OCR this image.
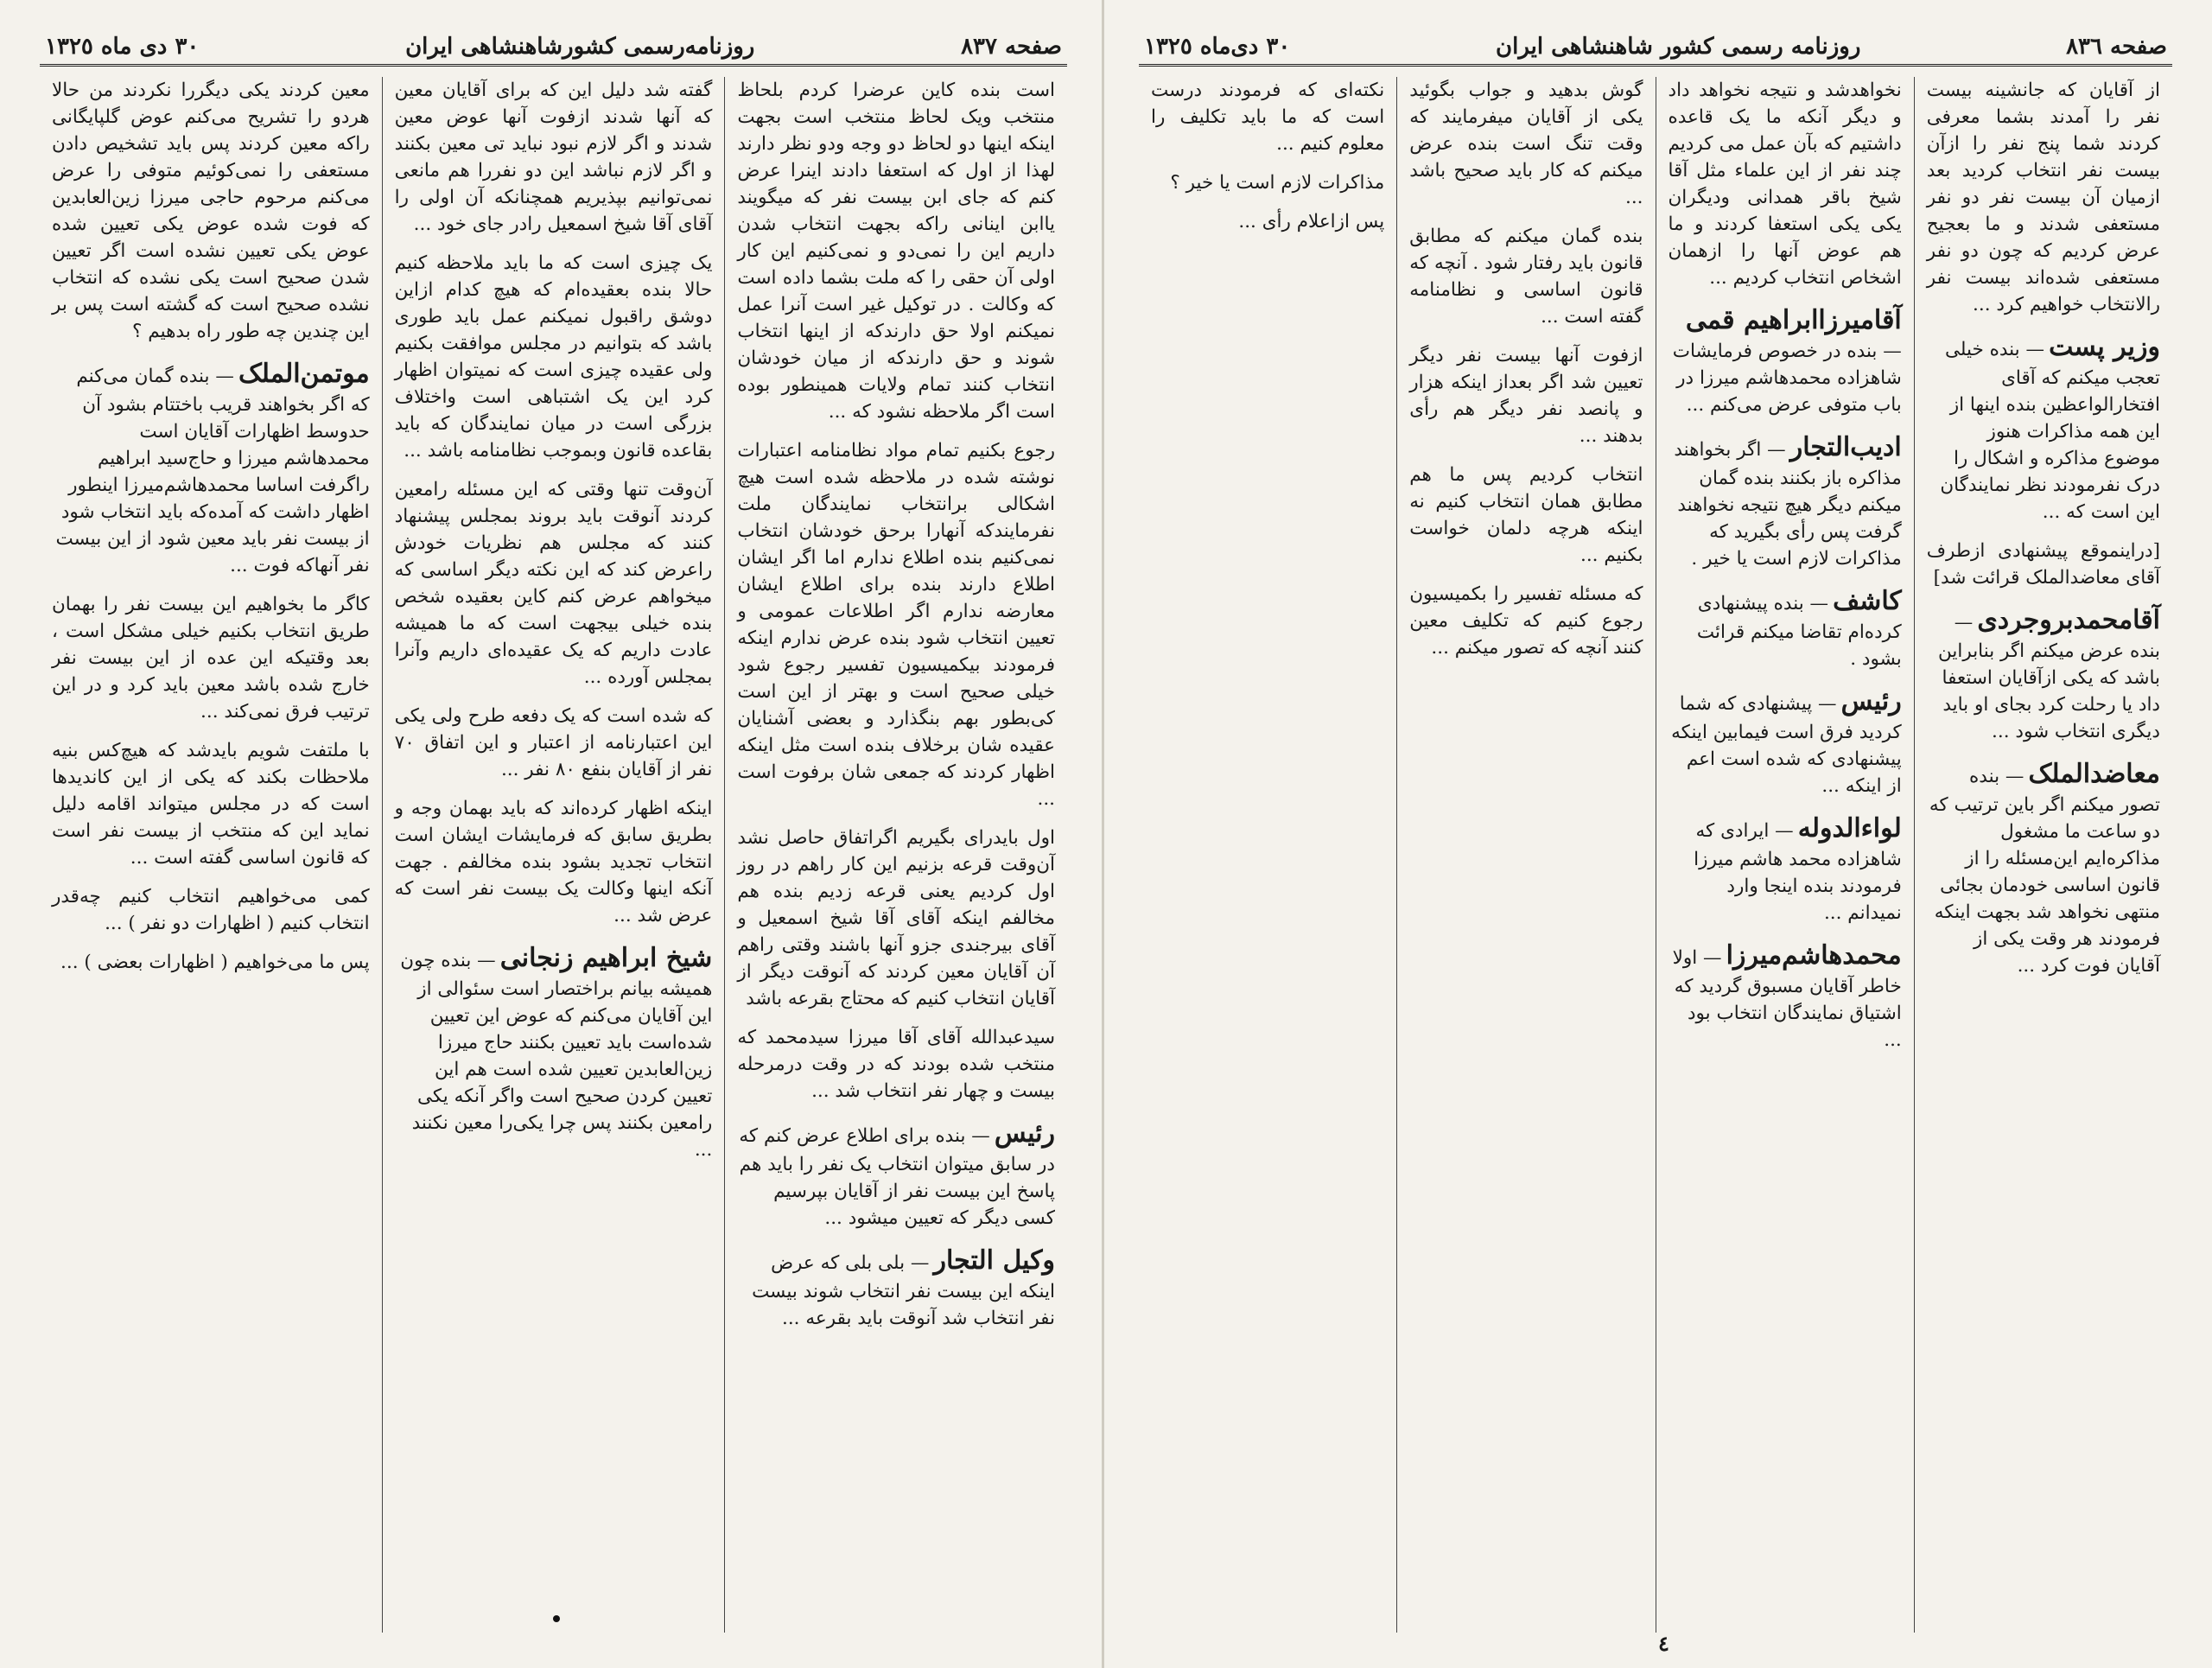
صفحه ٨٣٧
روزنامه‌رسمی کشورشاهنشاهی ایران
٣٠ دی ماه ١٣٢٥

است بنده کاین عرضرا کردم بلحاظ منتخب ویک لحاظ منتخب است بجهت اینکه اینها دو لحاظ دو وجه ودو نظر دارند لهذا از اول که استعفا دادند اینرا عرض کنم که جای ابن بیست نفر که میگویند یاابن اینانی راکه بجهت انتخاب شدن داریم این را نمی‌دو و نمی‌کنیم این کار اولی آن حقی را که ملت بشما داده است که وکالت . در توکیل غیر است آنرا عمل نمیکنم اولا حق دارندکه از اینها انتخاب شوند و حق دارندکه از میان خودشان انتخاب کنند تمام ولایات همینطور بوده است اگر ملاحظه نشود که ...

رجوع بکنیم تمام مواد نظامنامه اعتبارات نوشته شده در ملاحظه شده است هیچ اشکالی برانتخاب نمایندگان ملت نفرمایندکه آنهارا برحق خودشان انتخاب نمی‌کنیم بنده اطلاع ندارم اما اگر ایشان اطلاع دارند بنده برای اطلاع ایشان معارضه ندارم اگر اطلاعات عمومی و تعیین انتخاب شود بنده عرض ندارم اینکه فرمودند بیکمیسیون تفسیر رجوع شود خیلی صحیح است و بهتر از این است کی‌بطور بهم بنگذارد و بعضی آشنایان عقیده شان برخلاف بنده است مثل اینکه اظهار کردند که جمعی شان برفوت است ...

اول بایدرای بگیریم اگراتفاق حاصل نشد آن‌وقت قرعه بزنیم این کار راهم در روز اول کردیم یعنی قرعه زدیم بنده هم مخالفم اینکه آقای آقا شیخ اسمعیل و آقای بیرجندی جزو آنها باشند وقتی راهم آن آقایان معین کردند که آنوقت دیگر از آقایان انتخاب کنیم که محتاج بقرعه باشد

سیدعبدالله آقای آقا میرزا سیدمحمد که منتخب شده بودند که در وقت درمرحله بیست و چهار نفر انتخاب شد ...

رئیس — بنده برای اطلاع عرض کنم که در سابق میتوان انتخاب یک نفر را باید هم پاسخ این بیست نفر از آقایان بپرسیم کسی دیگر که تعیین میشود ...
وکیل التجار — بلی بلی که عرض اینکه این بیست نفر انتخاب شوند بیست نفر انتخاب شد آنوقت باید بقرعه ...

گفته شد دلیل این که برای آقایان معین که آنها شدند ازفوت آنها عوض معین شدند و اگر لازم نبود نباید تی معین بکنند و اگر لازم نباشد این دو نفررا هم مانعی نمی‌توانیم بپذیریم همچنانکه آن اولی را آقای آقا شیخ اسمعیل رادر جای خود ...

یک چیزی است که ما باید ملاحظه کنیم حالا بنده بعقیده‌ام که هیچ کدام ازاین دوشق راقبول نمیکنم عمل باید طوری باشد که بتوانیم در مجلس موافقت بکنیم ولی عقیده چیزی است که نمیتوان اظهار کرد این یک اشتباهی است واختلاف بزرگی است در میان نمایندگان که باید بقاعده قانون وبموجب نظامنامه باشد ...

آن‌وقت تنها وقتی که این مسئله رامعین کردند آنوقت باید بروند بمجلس پیشنهاد کنند که مجلس هم نظریات خودش راعرض کند که این نکته دیگر اساسی که میخواهم عرض کنم کاین بعقیده شخص بنده خیلی بیجهت است که ما همیشه عادت داریم که یک عقیده‌ای داریم وآنرا بمجلس آورده ...

که شده است که یک دفعه طرح ولی یکی این اعتبارنامه از اعتبار و این اتفاق ۷۰ نفر از آقایان بنفع ۸۰ نفر ...

اینکه اظهار کرده‌اند که باید بهمان وجه و بطریق سابق که فرمایشات ایشان است انتخاب تجدید بشود بنده مخالفم . جهت آنکه اینها وکالت یک بیست نفر است که عرض شد ...

شیخ ابراهیم زنجانی — بنده چون همیشه بیانم براختصار است سئوالی از این آقایان می‌کنم که عوض این تعیین شده‌است باید تعیین بکنند حاج میرزا زین‌العابدین تعیین شده است هم این تعیین کردن صحیح است واگر آنکه یکی رامعین بکنند پس چرا یکی‌را معین نکنند ...

معین کردند یکی دیگررا نکردند من حالا هردو را تشریح می‌کنم عوض گلپایگانی راکه معین کردند پس باید تشخیص دادن مستعفی را نمی‌کوئیم متوفی را عرض می‌کنم مرحوم حاجی میرزا زین‌العابدین که فوت شده عوض یکی تعیین شده عوض یکی تعیین نشده است اگر تعیین شدن صحیح است یکی نشده که انتخاب نشده صحیح است که گشته است پس بر این چندین چه طور راه بدهیم ؟

موتمن‌الملک — بنده گمان می‌کنم که اگر بخواهند قریب باختتام بشود آن حدوسط اظهارات آقایان است محمدهاشم میرزا و حاج‌سید ابراهیم راگرفت اساسا محمدهاشم‌میرزا اینطور اظهار داشت که آمده‌که باید انتخاب شود از بیست نفر باید معین شود از این بیست نفر آنهاکه فوت ...

کاگر ما بخواهیم این بیست نفر را بهمان طریق انتخاب بکنیم خیلی مشکل است ، بعد وقتیکه این عده از این بیست نفر خارج شده باشد معین باید کرد و در این ترتیب فرق نمی‌کند ...

با ملتفت شویم بایدشد که هیچ‌کس بنیه ملاحظات بکند که یکی از این کاندیدها است که در مجلس میتواند اقامه دلیل نماید این که منتخب از بیست نفر است که قانون اساسی گفته است ...

کمی می‌خواهیم انتخاب کنیم چه‌قدر انتخاب کنیم ( اظهارات دو نفر ) ...

پس ما می‌خواهیم ( اظهارات بعضی ) ...

صفحه ٨٣٦
روزنامه رسمی کشور شاهنشاهی ایران
٣٠ دی‌ماه ١٣٢٥

از آقایان که جانشینه بیست نفر را آمدند بشما معرفی کردند شما پنج نفر را ازآن بیست نفر انتخاب کردید بعد ازمیان آن بیست نفر دو نفر مستعفی شدند و ما بعجیح عرض کردیم که چون دو نفر مستعفی شده‌اند بیست نفر رالانتخاب خواهیم کرد ...

وزیر پست — بنده خیلی تعجب میکنم که آقای افتخارالواعظین بنده اینها از این همه مذاکرات هنوز موضوع مذاکره و اشکال را درک نفرمودند نظر نمایندگان این است که ...

[دراینموقع پیشنهادی ازطرف آقای معاضدالملک قرائت شد]

آقامحمدبروجردی — بنده عرض میکنم اگر بنابراین باشد که یکی ازآقایان استعفا داد یا رحلت کرد بجای او باید دیگری انتخاب شود ...
معاضدالملک — بنده تصور میکنم اگر باین ترتیب که دو ساعت ما مشغول مذاکره‌ایم این‌مسئله را از قانون اساسی خودمان بجائی منتهی نخواهد شد بجهت اینکه فرمودند هر وقت یکی از آقایان فوت کرد ...

نخواهدشد و نتیجه نخواهد داد و دیگر آنکه ما یک قاعده داشتیم که بآن عمل می کردیم چند نفر از این علماء مثل آقا شیخ باقر همدانی ودیگران یکی یکی استعفا کردند و ما هم عوض آنها را ازهمان اشخاص انتخاب کردیم ...

آقامیرزاابراهیم قمی — بنده در خصوص فرمایشات شاهزاده محمدهاشم میرزا در باب متوفی عرض می‌کنم ...
ادیب‌التجار — اگر بخواهند مذاکره باز بکنند بنده گمان میکنم دیگر هیچ نتیجه نخواهند گرفت پس رأی بگیرید که مذاکرات لازم است یا خیر .
کاشف — بنده پیشنهادی کرده‌ام تقاضا میکنم قرائت بشود .
رئیس — پیشنهادی که شما کردید فرق است فیمابین اینکه پیشنهادی که شده است اعم از اینکه ...
لواءالدوله — ایرادی که شاهزاده محمد هاشم میرزا فرمودند بنده اینجا وارد نمیدانم ...
محمدهاشم‌میرزا — اولا خاطر آقایان مسبوق گردید که اشتیاق نمایندگان انتخاب بود ...

گوش بدهید و جواب بگوئید یکی از آقایان میفرمایند که وقت تنگ است بنده عرض میکنم که کار باید صحیح باشد ...

بنده گمان میکنم که مطابق قانون باید رفتار شود . آنچه که قانون اساسی و نظامنامه گفته است ...

ازفوت آنها بیست نفر دیگر تعیین شد اگر بعداز اینکه هزار و پانصد نفر دیگر هم رأی بدهند ...

انتخاب کردیم پس ما هم مطابق همان انتخاب کنیم نه اینکه هرچه دلمان خواست بکنیم ...

که مسئله تفسیر را بکمیسیون رجوع کنیم که تکلیف معین کنند آنچه که تصور میکنم ...

نکته‌ای که فرمودند درست است که ما باید تکلیف را معلوم کنیم ...

مذاکرات لازم است یا خیر ؟

پس ازاعلام رأی ...

٤
